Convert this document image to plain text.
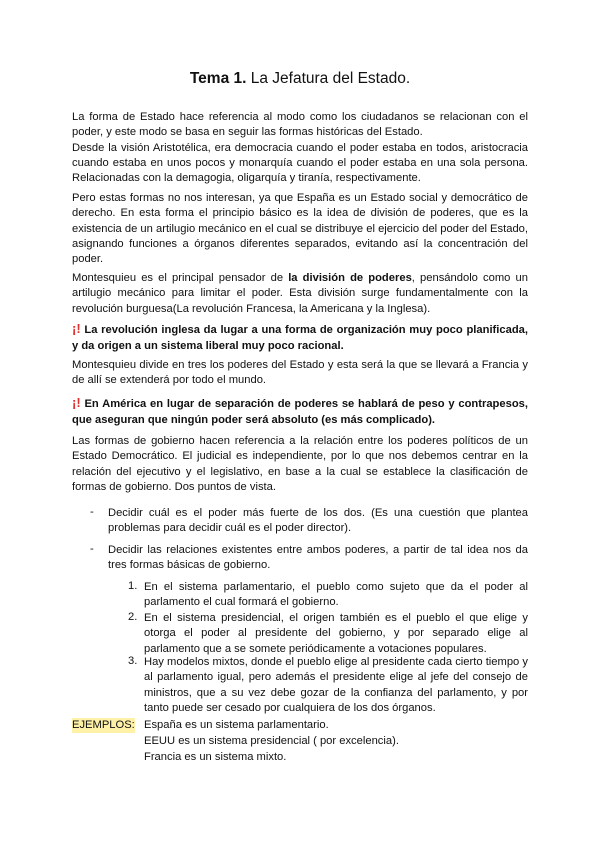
Tema 1. La Jefatura del Estado.

La forma de Estado hace referencia al modo como los ciudadanos se relacionan con el poder, y este modo se basa en seguir las formas históricas del Estado.
Desde la visión Aristotélica, era democracia cuando el poder estaba en todos, aristocracia cuando estaba en unos pocos y monarquía cuando el poder estaba en una sola persona. Relacionadas con la demagogia, oligarquía y tiranía, respectivamente.

Pero estas formas no nos interesan, ya que España es un Estado social y democrático de derecho. En esta forma el principio básico es la idea de división de poderes, que es la existencia de un artilugio mecánico en el cual se distribuye el ejercicio del poder del Estado, asignando funciones a órganos diferentes separados, evitando así la concentración del poder.

Montesquieu es el principal pensador de la división de poderes, pensándolo como un artilugio mecánico para limitar el poder. Esta división surge fundamentalmente con la revolución burguesa(La revolución Francesa, la Americana y la Inglesa).

¡! La revolución inglesa da lugar a una forma de organización muy poco planificada, y da origen a un sistema liberal muy poco racional.

Montesquieu divide en tres los poderes del Estado y esta será la que se llevará a Francia y de allí se extenderá por todo el mundo.

¡! En América en lugar de separación de poderes se hablará de peso y contrapesos, que aseguran que ningún poder será absoluto (es más complicado).

Las formas de gobierno hacen referencia a la relación entre los poderes políticos de un Estado Democrático. El judicial es independiente, por lo que nos debemos centrar en la relación del ejecutivo y el legislativo, en base a la cual se establece la clasificación de formas de gobierno. Dos puntos de vista.

- Decidir cuál es el poder más fuerte de los dos. (Es una cuestión que plantea problemas para decidir cuál es el poder director).

- Decidir las relaciones existentes entre ambos poderes, a partir de tal idea nos da tres formas básicas de gobierno.

1. En el sistema parlamentario, el pueblo como sujeto que da el poder al parlamento el cual formará el gobierno.

2. En el sistema presidencial, el origen también es el pueblo el que elige y otorga el poder al presidente del gobierno, y por separado elige al parlamento que a se somete periódicamente a votaciones populares.

3. Hay modelos mixtos, donde el pueblo elige al presidente cada cierto tiempo y al parlamento igual, pero además el presidente elige al jefe del consejo de ministros, que a su vez debe gozar de la confianza del parlamento, y por tanto puede ser cesado por cualquiera de los dos órganos.

EJEMPLOS: España es un sistema parlamentario.
EEUU es un sistema presidencial ( por excelencia).
Francia es un sistema mixto.
